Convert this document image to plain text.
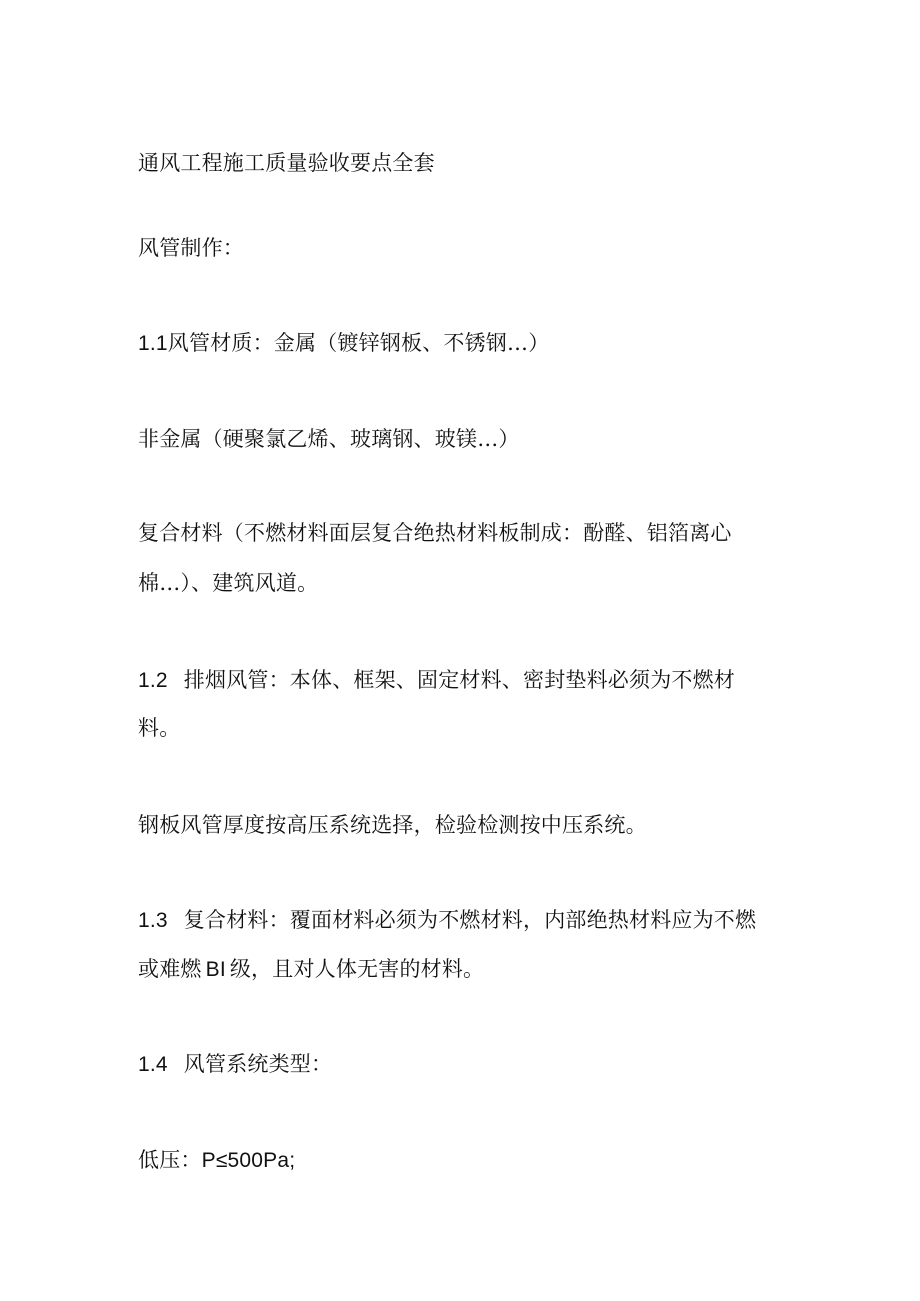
通风工程施工质量验收要点全套
风管制作：
1.1风管材质：金属（镀锌钢板、不锈钢…）
非金属（硬聚氯乙烯、玻璃钢、玻镁…）
复合材料（不燃材料面层复合绝热材料板制成：酚醛、铝箔离心
棉…）、建筑风道。
1.2 排烟风管：本体、框架、固定材料、密封垫料必须为不燃材
料。
钢板风管厚度按高压系统选择，检验检测按中压系统。
1.3 复合材料：覆面材料必须为不燃材料，内部绝热材料应为不燃
或难燃 BI 级，且对人体无害的材料。
1.4 风管系统类型：
低压：P≤500Pa;
